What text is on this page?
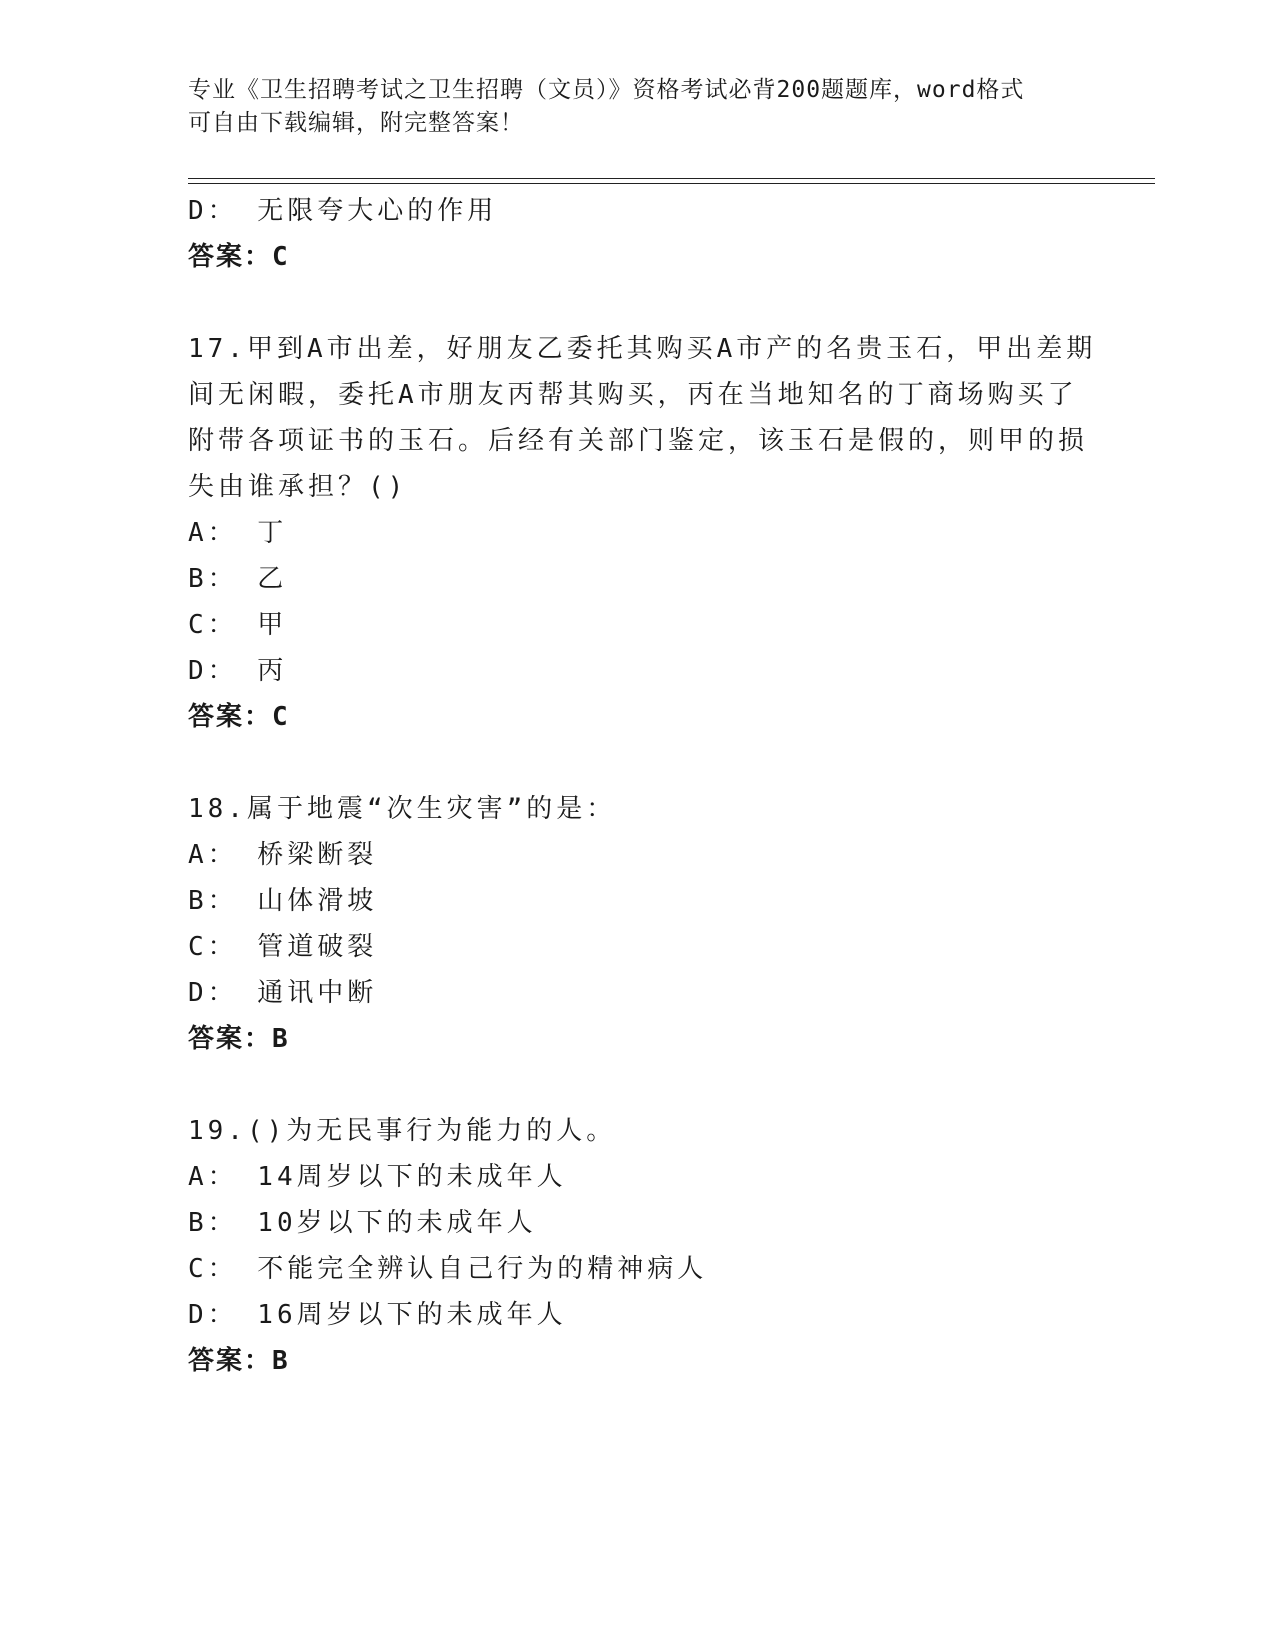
专业《卫生招聘考试之卫生招聘（文员）》资格考试必背200题题库，word格式
可自由下载编辑，附完整答案！
D： 无限夸大心的作用
答案：C
17.甲到A市出差，好朋友乙委托其购买A市产的名贵玉石，甲出差期
间无闲暇，委托A市朋友丙帮其购买，丙在当地知名的丁商场购买了
附带各项证书的玉石。后经有关部门鉴定，该玉石是假的，则甲的损
失由谁承担？()
A： 丁
B： 乙
C： 甲
D： 丙
答案：C
18.属于地震“次生灾害”的是：
A： 桥梁断裂
B： 山体滑坡
C： 管道破裂
D： 通讯中断
答案：B
19.()为无民事行为能力的人。
A： 14周岁以下的未成年人
B： 10岁以下的未成年人
C： 不能完全辨认自己行为的精神病人
D： 16周岁以下的未成年人
答案：B
